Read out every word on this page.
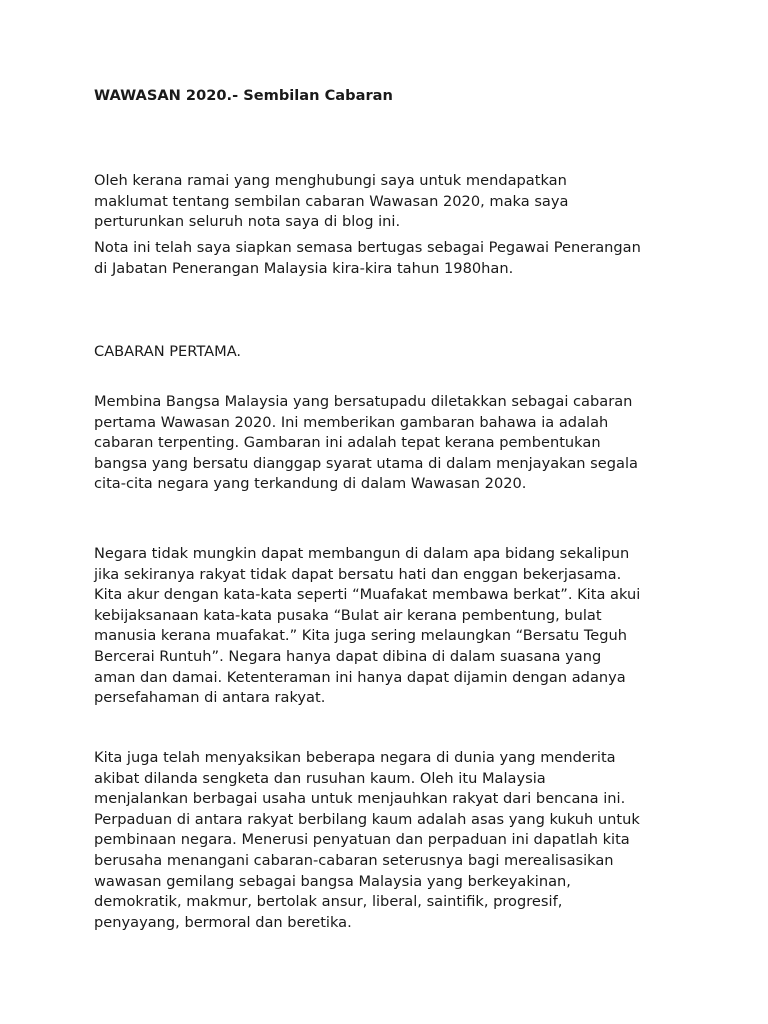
WAWASAN 2020.- Sembilan Cabaran
Oleh kerana ramai yang menghubungi saya untuk mendapatkan
maklumat tentang sembilan cabaran Wawasan 2020, maka saya
perturunkan seluruh nota saya di blog ini.
Nota ini telah saya siapkan semasa bertugas sebagai Pegawai Penerangan
di Jabatan Penerangan Malaysia kira-kira tahun 1980han.
CABARAN PERTAMA.
Membina Bangsa Malaysia yang bersatupadu diletakkan sebagai cabaran
pertama Wawasan 2020. Ini memberikan gambaran bahawa ia adalah
cabaran terpenting. Gambaran ini adalah tepat kerana pembentukan
bangsa yang bersatu dianggap syarat utama di dalam menjayakan segala
cita-cita negara yang terkandung di dalam Wawasan 2020.
Negara tidak mungkin dapat membangun di dalam apa bidang sekalipun
jika sekiranya rakyat tidak dapat bersatu hati dan enggan bekerjasama.
Kita akur dengan kata-kata seperti “Muafakat membawa berkat”. Kita akui
kebijaksanaan kata-kata pusaka “Bulat air kerana pembentung, bulat
manusia kerana muafakat.” Kita juga sering melaungkan “Bersatu Teguh
Bercerai Runtuh”. Negara hanya dapat dibina di dalam suasana yang
aman dan damai. Ketenteraman ini hanya dapat dijamin dengan adanya
persefahaman di antara rakyat.
Kita juga telah menyaksikan beberapa negara di dunia yang menderita
akibat dilanda sengketa dan rusuhan kaum. Oleh itu Malaysia
menjalankan berbagai usaha untuk menjauhkan rakyat dari bencana ini.
Perpaduan di antara rakyat berbilang kaum adalah asas yang kukuh untuk
pembinaan negara. Menerusi penyatuan dan perpaduan ini dapatlah kita
berusaha menangani cabaran-cabaran seterusnya bagi merealisasikan
wawasan gemilang sebagai bangsa Malaysia yang berkeyakinan,
demokratik, makmur, bertolak ansur, liberal, saintifik, progresif,
penyayang, bermoral dan beretika.
